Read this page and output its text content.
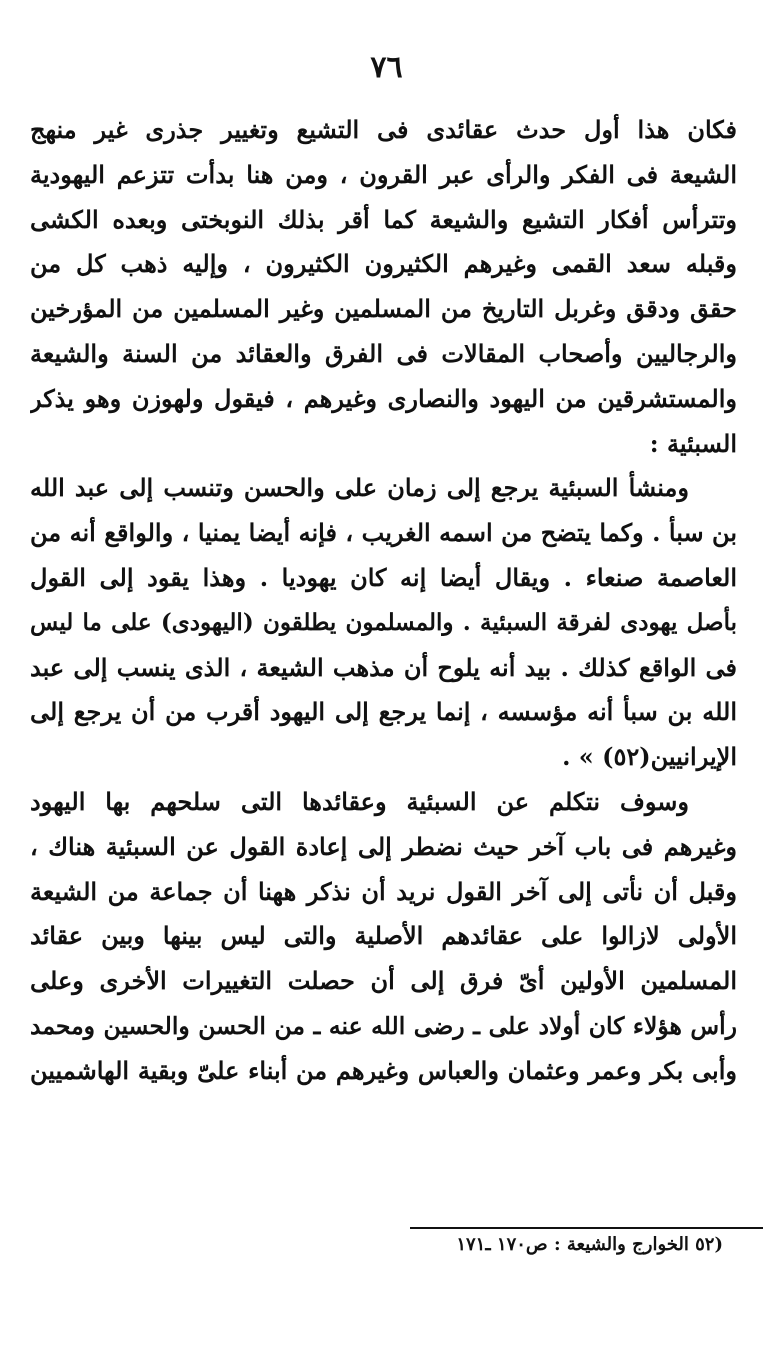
٧٦
فكان هذا أول حدث عقائدى فى التشيع وتغيير جذرى غير منهج
الشيعة فى الفكر والرأى عبر القرون ، ومن هنا بدأت تتزعم اليهودية
وتترأس أفكار التشيع والشيعة كما أقر بذلك النوبختى وبعده الكشى
وقبله سعد القمى وغيرهم الكثيرون الكثيرون ، وإليه ذهب كل من
حقق ودقق وغربل التاريخ من المسلمين وغير المسلمين من المؤرخين
والرجاليين وأصحاب المقالات فى الفرق والعقائد من السنة والشيعة
والمستشرقين من اليهود والنصارى وغيرهم ، فيقول ولهوزن وهو يذكر
السبئية :
ومنشأ السبئية يرجع إلى زمان على والحسن وتنسب إلى عبد الله
بن سبأ . وكما يتضح من اسمه الغريب ، فإنه أيضا يمنيا ، والواقع أنه من
العاصمة صنعاء . ويقال أيضا إنه كان يهوديا . وهذا يقود إلى القول
بأصل يهودى لفرقة السبئية . والمسلمون يطلقون (اليهودى) على ما ليس
فى الواقع كذلك . بيد أنه يلوح أن مذهب الشيعة ، الذى ينسب إلى عبد
الله بن سبأ أنه مؤسسه ، إنما يرجع إلى اليهود أقرب من أن يرجع إلى
الإيرانيين(٥٢) » .
وسوف نتكلم عن السبئية وعقائدها التى سلحهم بها اليهود
وغيرهم فى باب آخر حيث نضطر إلى إعادة القول عن السبئية هناك ،
وقبل أن نأتى إلى آخر القول نريد أن نذكر ههنا أن جماعة من الشيعة
الأولى لازالوا على عقائدهم الأصلية والتى ليس بينها وبين عقائد
المسلمين الأولين أىّ فرق إلى أن حصلت التغييرات الأخرى وعلى
رأس هؤلاء كان أولاد على ـ رضى الله عنه ـ من الحسن والحسين ومحمد
وأبى بكر وعمر وعثمان والعباس وغيرهم من أبناء علىّ وبقية الهاشميين
(٥٢ الخوارج والشيعة : ص١٧٠ ـ١٧١
